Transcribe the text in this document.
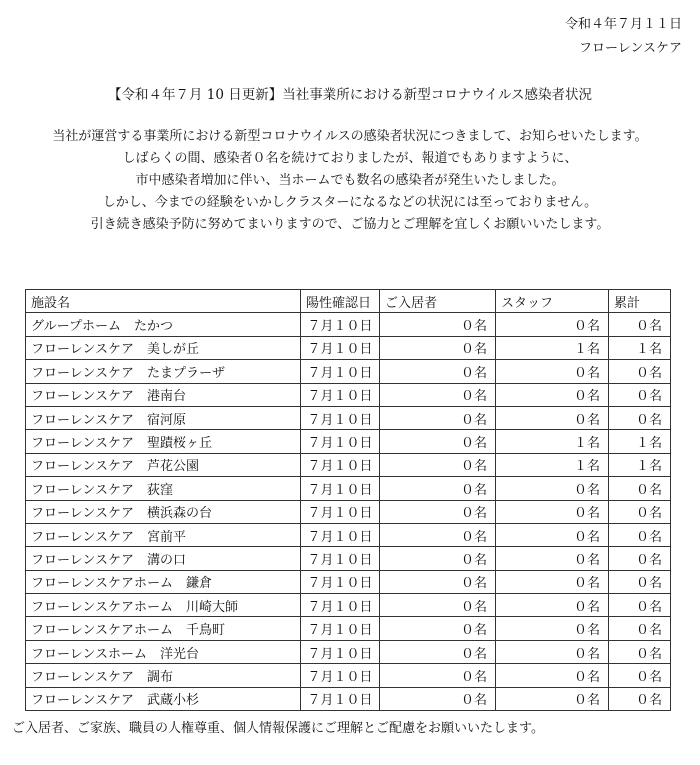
令和４年７月１１日
フローレンスケア
【令和４年７月 10 日更新】当社事業所における新型コロナウイルス感染者状況

当社が運営する事業所における新型コロナウイルスの感染者状況につきまして、お知らせいたします。

しばらくの間、感染者０名を続けておりましたが、報道でもありますように、

市中感染者増加に伴い、当ホームでも数名の感染者が発生いたしました。

しかし、今までの経験をいかしクラスターになるなどの状況には至っておりません。

引き続き感染予防に努めてまいりますので、ご協力とご理解を宜しくお願いいたします。

施設名	陽性確認日	ご入居者	スタッフ	累計
グループホーム　たかつ	７月１０日	０名	０名	０名
フローレンスケア　美しが丘	７月１０日	０名	１名	１名
フローレンスケア　たまプラーザ	７月１０日	０名	０名	０名
フローレンスケア　港南台	７月１０日	０名	０名	０名
フローレンスケア　宿河原	７月１０日	０名	０名	０名
フローレンスケア　聖蹟桜ヶ丘	７月１０日	０名	１名	１名
フローレンスケア　芦花公園	７月１０日	０名	１名	１名
フローレンスケア　荻窪	７月１０日	０名	０名	０名
フローレンスケア　横浜森の台	７月１０日	０名	０名	０名
フローレンスケア　宮前平	７月１０日	０名	０名	０名
フローレンスケア　溝の口	７月１０日	０名	０名	０名
フローレンスケアホーム　鎌倉	７月１０日	０名	０名	０名
フローレンスケアホーム　川崎大師	７月１０日	０名	０名	０名
フローレンスケアホーム　千鳥町	７月１０日	０名	０名	０名
フローレンスホーム　洋光台	７月１０日	０名	０名	０名
フローレンスケア　調布	７月１０日	０名	０名	０名
フローレンスケア　武蔵小杉	７月１０日	０名	０名	０名
ご入居者、ご家族、職員の人権尊重、個人情報保護にご理解とご配慮をお願いいたします。
